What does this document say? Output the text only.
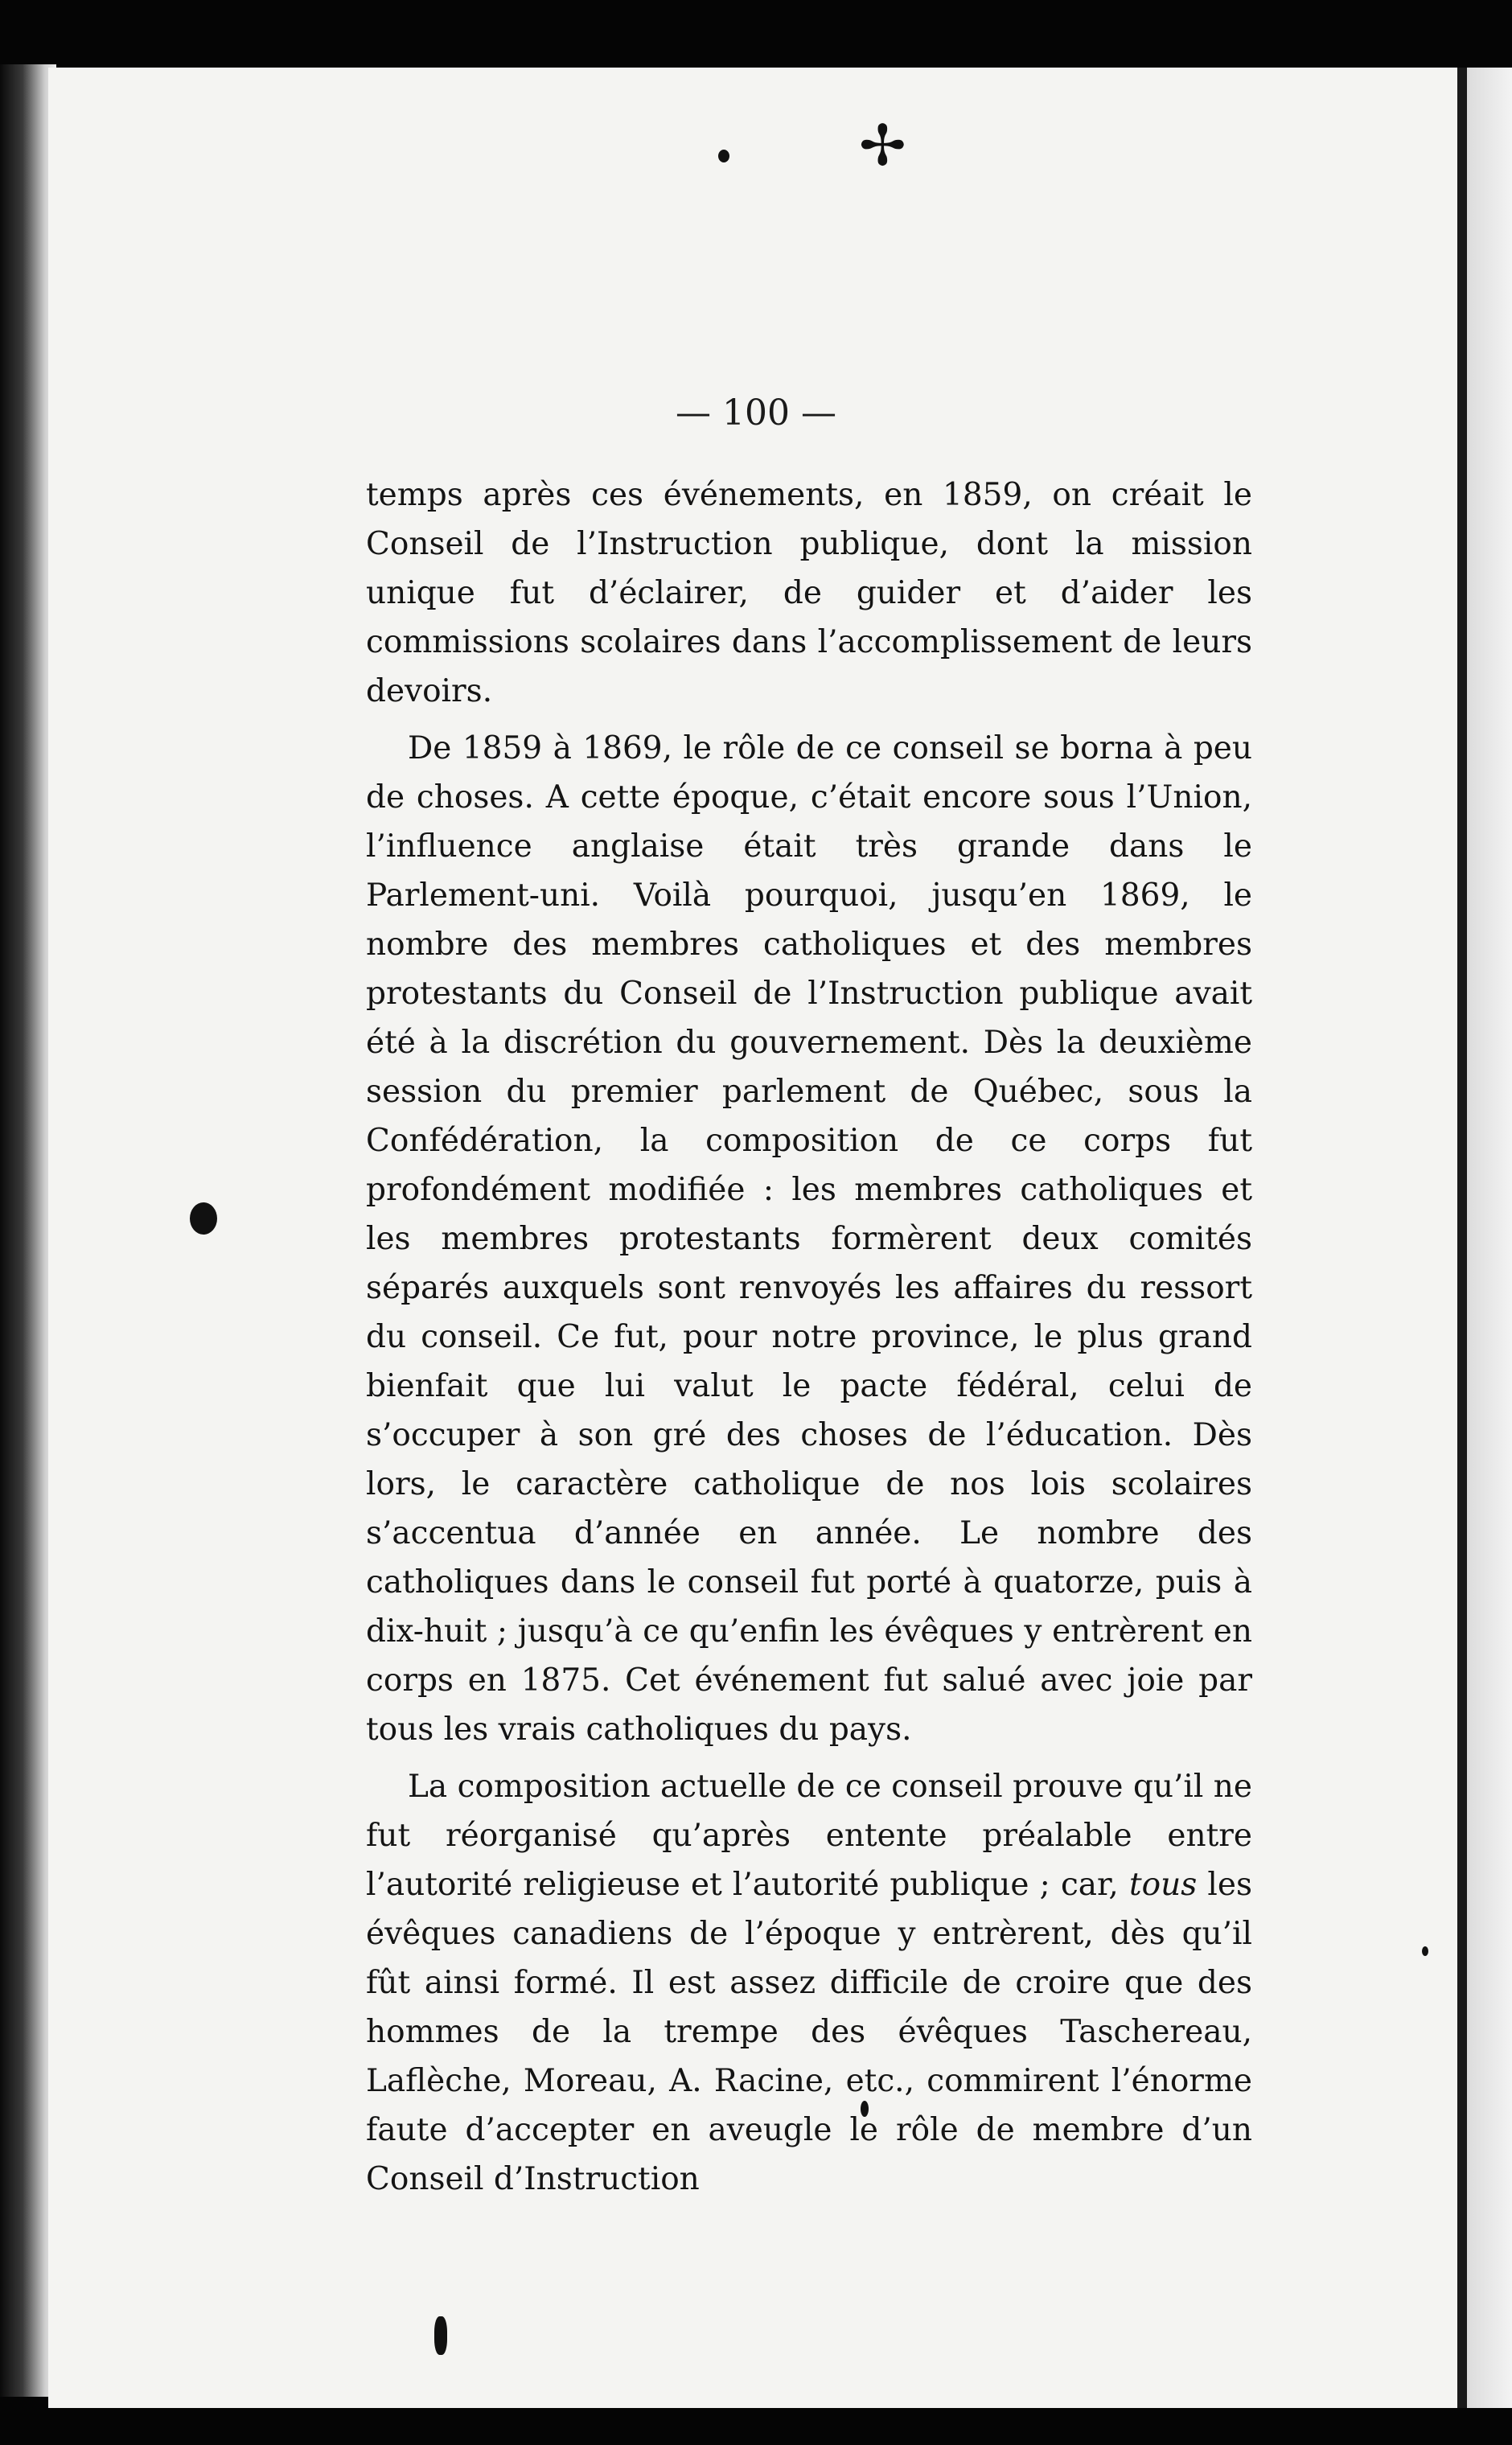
✢
— 100 —

temps après ces événements, en 1859, on créait le Conseil de l’Instruction publique, dont la mission unique fut d’éclairer, de guider et d’aider les commissions scolaires dans l’accomplissement de leurs devoirs.

De 1859 à 1869, le rôle de ce conseil se borna à peu de choses. A cette époque, c’était encore sous l’Union, l’influence anglaise était très grande dans le Parlement-uni. Voilà pourquoi, jusqu’en 1869, le nombre des membres catholiques et des membres protestants du Conseil de l’Instruction publique avait été à la discrétion du gouvernement. Dès la deuxième session du premier parlement de Québec, sous la Confédération, la composition de ce corps fut profondément modifiée : les membres catholiques et les membres protestants formèrent deux comités séparés auxquels sont renvoyés les affaires du ressort du conseil. Ce fut, pour notre province, le plus grand bienfait que lui valut le pacte fédéral, celui de s’occuper à son gré des choses de l’éducation. Dès lors, le caractère catholique de nos lois scolaires s’accentua d’année en année. Le nombre des catholiques dans le conseil fut porté à quatorze, puis à dix-huit ; jusqu’à ce qu’enfin les évêques y entrèrent en corps en 1875. Cet événement fut salué avec joie par tous les vrais catholiques du pays.

La composition actuelle de ce conseil prouve qu’il ne fut réorganisé qu’après entente préalable entre l’autorité religieuse et l’autorité publique ; car, tous les évêques canadiens de l’époque y entrèrent, dès qu’il fût ainsi formé. Il est assez difficile de croire que des hommes de la trempe des évêques Taschereau, Laflèche, Moreau, A. Racine, etc., commirent l’énorme faute d’accepter en aveugle le rôle de membre d’un Conseil d’Instruction
